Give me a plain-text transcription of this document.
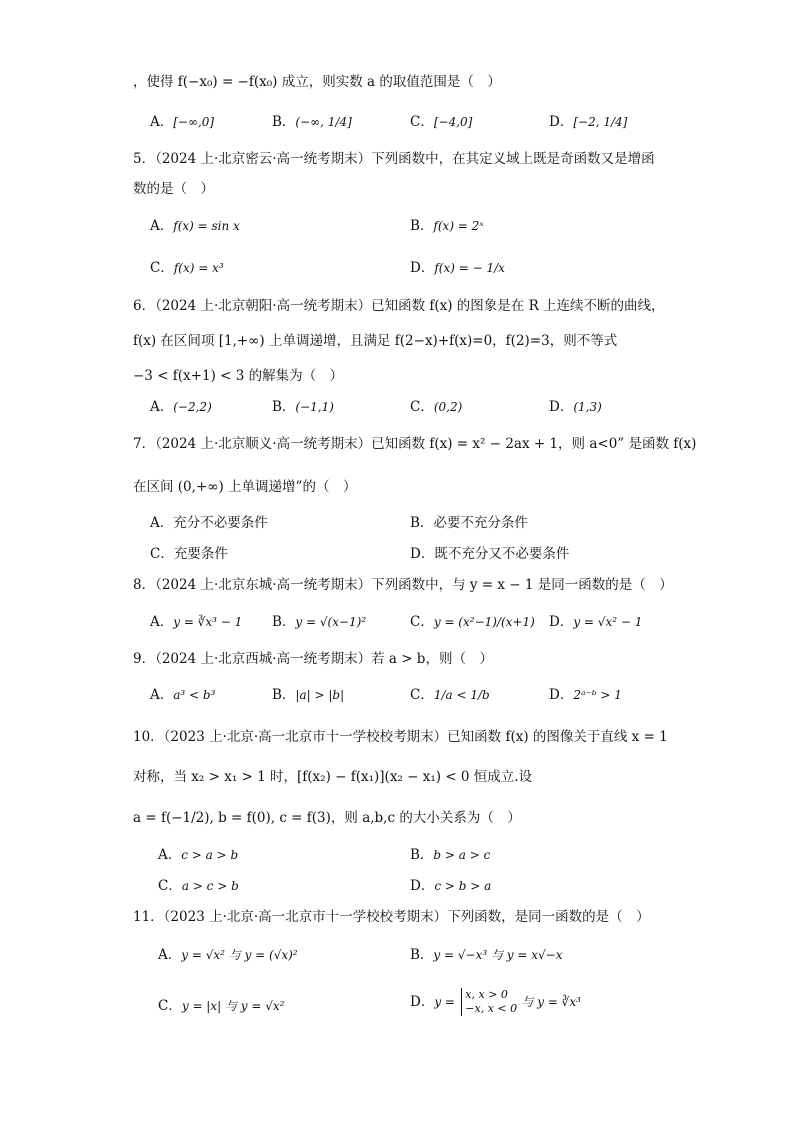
，使得 f(−x₀) = −f(x₀) 成立，则实数 a 的取值范围是（　）
A．[−∞,0]	B．(−∞, 1/4]	C．[−4,0]	D．[−2, 1/4]
5．（2024 上·北京密云·高一统考期末）下列函数中，在其定义域上既是奇函数又是增函
数的是（　）
A．f(x) = sin x	B．f(x) = 2ˣ
C．f(x) = x³	D．f(x) = − 1/x
6．（2024 上·北京朝阳·高一统考期末）已知函数 f(x) 的图象是在 R 上连续不断的曲线，
f(x) 在区间项 [1,+∞) 上单调递增，且满足 f(2−x)+f(x)=0，f(2)=3，则不等式
−3 < f(x+1) < 3 的解集为（　）
A．(−2,2)	B．(−1,1)	C．(0,2)	D．(1,3)
7．（2024 上·北京顺义·高一统考期末）已知函数 f(x) = x² − 2ax + 1，则 a<0” 是函数 f(x)
在区间 (0,+∞) 上单调递增”的（　）
A．充分不必要条件	B．必要不充分条件
C．充要条件	D．既不充分又不必要条件
8．（2024 上·北京东城·高一统考期末）下列函数中，与 y = x − 1 是同一函数的是（　）
A．y = ∛x³ − 1 B．y = √(x−1)²	C．y = (x²−1)/(x+1) D．y = √x² − 1
9．（2024 上·北京西城·高一统考期末）若 a > b，则（　）
A．a³ < b³	B．|a| > |b|	C．1/a < 1/b	D．2ᵃ⁻ᵇ > 1
10．（2023 上·北京·高一北京市十一学校校考期末）已知函数 f(x) 的图像关于直线 x = 1
对称，当 x₂ > x₁ > 1 时，[f(x₂) − f(x₁)](x₂ − x₁) < 0 恒成立.设
a = f(−1/2), b = f(0), c = f(3)，则 a,b,c 的大小关系为（　）
A．c > a > b	B．b > a > c
C．a > c > b	D．c > b > a
11．（2023 上·北京·高一北京市十一学校校考期末）下列函数，是同一函数的是（　）
A．y = √x² 与 y = (√x)²	B．y = √−x³ 与 y = x√−x
C．y = |x| 与 y = √x²	D．y =
x, x > 0
−x, x < 0 与 y = ∛x³
